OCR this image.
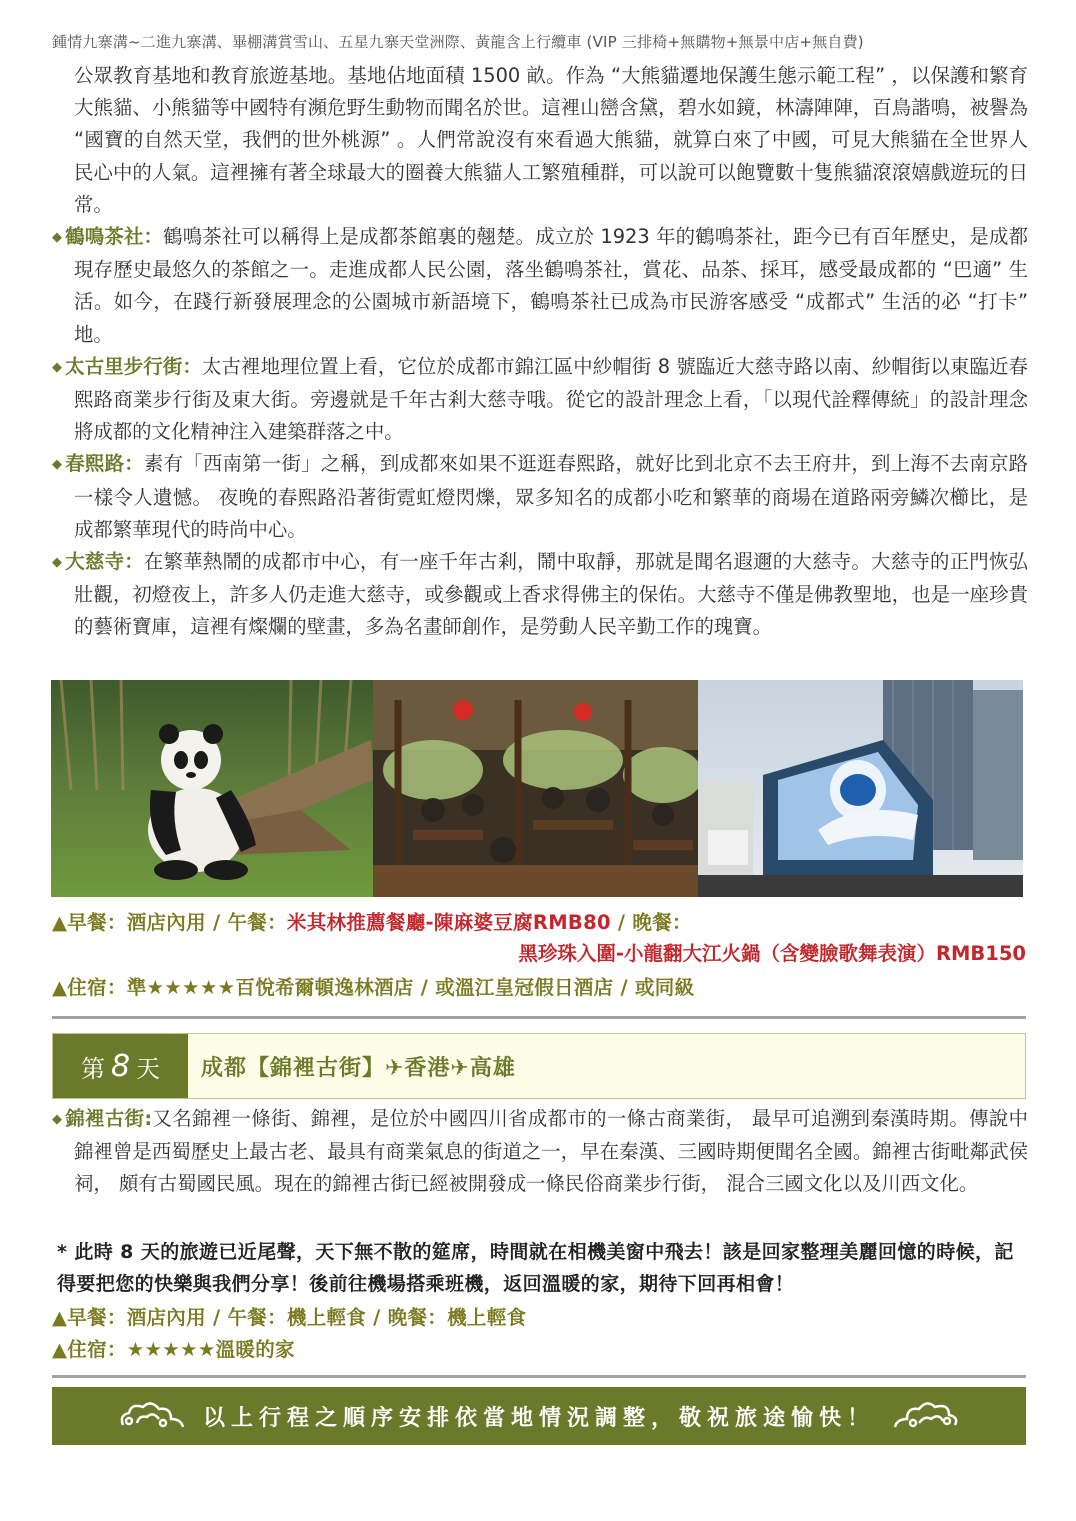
鍾情九寨溝~二進九寨溝、畢棚溝賞雪山、五星九寨天堂洲際、黃龍含上行纜車 (VIP 三排椅+無購物+無景中店+無自費)

公眾教育基地和教育旅遊基地。基地佔地面積 1500 畝。作為 “大熊貓遷地保護生態示範工程” ，以保護和繁育大熊貓、小熊貓等中國特有瀕危野生動物而聞名於世。這裡山巒含黛，碧水如鏡，林濤陣陣，百鳥諧鳴，被譽為 “國寶的自然天堂，我們的世外桃源” 。人們常說沒有來看過大熊貓，就算白來了中國，可見大熊貓在全世界人民心中的人氣。這裡擁有著全球最大的圈養大熊貓人工繁殖種群，可以說可以飽覽數十隻熊貓滾滾嬉戲遊玩的日常。

◆ 鶴鳴茶社：鶴鳴茶社可以稱得上是成都茶館裏的翹楚。成立於 1923 年的鶴鳴茶社，距今已有百年歷史，是成都現存歷史最悠久的茶館之一。走進成都人民公園，落坐鶴鳴茶社，賞花、品茶、採耳，感受最成都的 “巴適” 生活。如今，在踐行新發展理念的公園城市新語境下，鶴鳴茶社已成為市民游客感受 “成都式” 生活的必 “打卡” 地。

◆ 太古里步行街：太古裡地理位置上看，它位於成都市錦江區中紗帽街 8 號臨近大慈寺路以南、紗帽街以東臨近春熙路商業步行街及東大街。旁邊就是千年古剎大慈寺哦。從它的設計理念上看，「以現代詮釋傳統」的設計理念將成都的文化精神注入建築群落之中。

◆ 春熙路：素有「西南第一街」之稱，到成都來如果不逛逛春熙路，就好比到北京不去王府井，到上海不去南京路一樣令人遺憾。 夜晚的春熙路沿著街霓虹燈閃爍，眾多知名的成都小吃和繁華的商場在道路兩旁鱗次櫛比，是成都繁華現代的時尚中心。

◆ 大慈寺：在繁華熱鬧的成都市中心，有一座千年古剎，鬧中取靜，那就是聞名遐邇的大慈寺。大慈寺的正門恢弘壯觀，初燈夜上，許多人仍走進大慈寺，或參觀或上香求得佛主的保佑。大慈寺不僅是佛教聖地，也是一座珍貴的藝術寶庫，這裡有燦爛的壁畫，多為名畫師創作，是勞動人民辛勤工作的瑰寶。

▲早餐：酒店內用 / 午餐：米其林推薦餐廳-陳麻婆豆腐RMB80 / 晚餐：
黑珍珠入圍-小龍翻大江火鍋（含變臉歌舞表演）RMB150
▲住宿：準★★★★★百悅希爾頓逸林酒店 / 或溫江皇冠假日酒店 / 或同級
第 8 天 成都【錦裡古街】✈香港✈高雄

◆ 錦裡古街:又名錦裡一條街、錦裡，是位於中國四川省成都市的一條古商業街， 最早可追溯到秦漢時期。傳說中錦裡曾是西蜀歷史上最古老、最具有商業氣息的街道之一，早在秦漢、三國時期便聞名全國。錦裡古街毗鄰武侯祠， 頗有古蜀國民風。現在的錦裡古街已經被開發成一條民俗商業步行街， 混合三國文化以及川西文化。

* 此時 8 天的旅遊已近尾聲，天下無不散的筵席，時間就在相機美窗中飛去！該是回家整理美麗回憶的時候，記得要把您的快樂與我們分享！後前往機場搭乘班機，返回溫暖的家，期待下回再相會！
▲早餐：酒店內用 / 午餐：機上輕食 / 晚餐：機上輕食
▲住宿：★★★★★溫暖的家
以上行程之順序安排依當地情況調整，敬祝旅途愉快！
